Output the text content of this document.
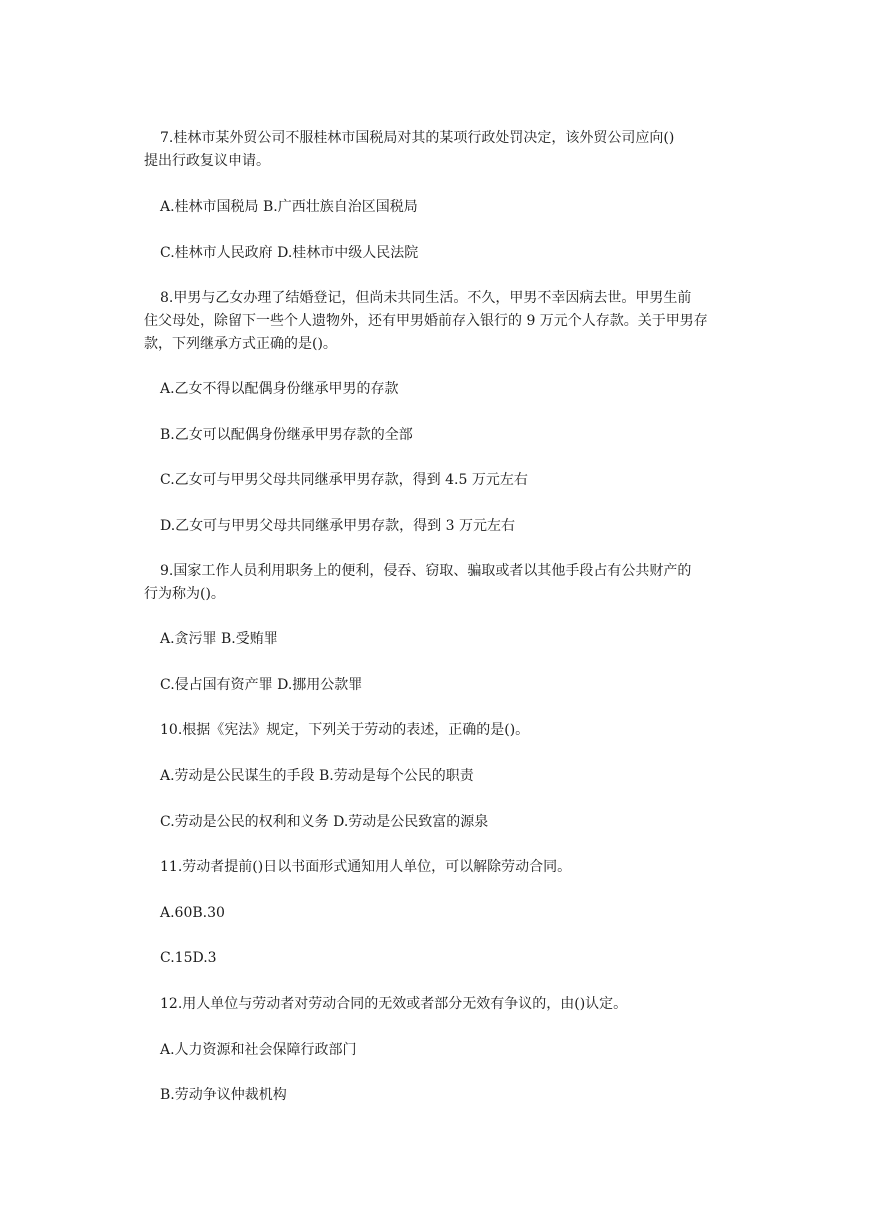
7.桂林市某外贸公司不服桂林市国税局对其的某项行政处罚决定，该外贸公司应向()
提出行政复议申请。
A.桂林市国税局 B.广西壮族自治区国税局
C.桂林市人民政府 D.桂林市中级人民法院
8.甲男与乙女办理了结婚登记，但尚未共同生活。不久，甲男不幸因病去世。甲男生前
住父母处，除留下一些个人遗物外，还有甲男婚前存入银行的 9 万元个人存款。关于甲男存
款，下列继承方式正确的是()。
A.乙女不得以配偶身份继承甲男的存款
B.乙女可以配偶身份继承甲男存款的全部
C.乙女可与甲男父母共同继承甲男存款，得到 4.5 万元左右
D.乙女可与甲男父母共同继承甲男存款，得到 3 万元左右
9.国家工作人员利用职务上的便利，侵吞、窃取、骗取或者以其他手段占有公共财产的
行为称为()。
A.贪污罪 B.受贿罪
C.侵占国有资产罪 D.挪用公款罪
10.根据《宪法》规定，下列关于劳动的表述，正确的是()。
A.劳动是公民谋生的手段 B.劳动是每个公民的职责
C.劳动是公民的权利和义务 D.劳动是公民致富的源泉
11.劳动者提前()日以书面形式通知用人单位，可以解除劳动合同。
A.60B.30
C.15D.3
12.用人单位与劳动者对劳动合同的无效或者部分无效有争议的，由()认定。
A.人力资源和社会保障行政部门
B.劳动争议仲裁机构
